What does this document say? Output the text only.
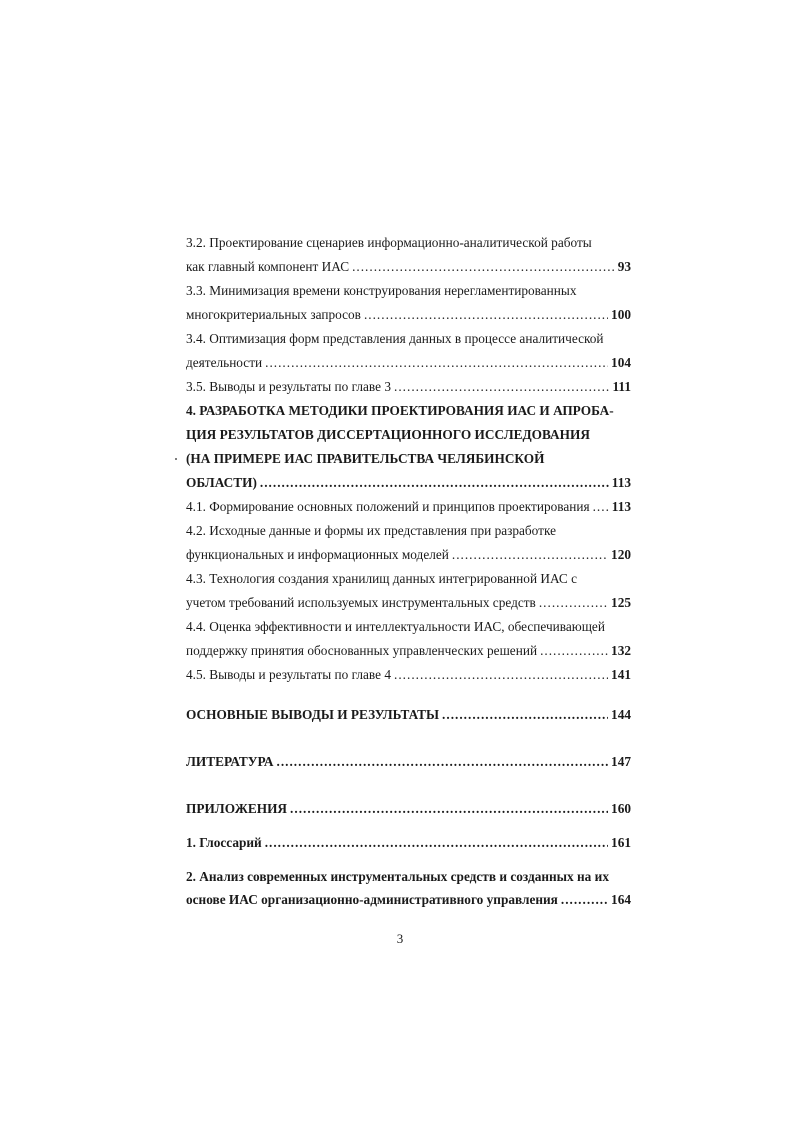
3.2. Проектирование сценариев информационно-аналитической работы
как главный компонент ИАС .....	93
3.3. Минимизация времени конструирования нерегламентированных
многокритериальных запросов .....	100
3.4. Оптимизация форм представления данных в процессе аналитической
деятельности .....	104
3.5. Выводы и результаты по главе 3 .....	111
4. РАЗРАБОТКА МЕТОДИКИ ПРОЕКТИРОВАНИЯ ИАС И АПРОБА-
ЦИЯ РЕЗУЛЬТАТОВ ДИССЕРТАЦИОННОГО ИССЛЕДОВАНИЯ
(НА ПРИМЕРЕ ИАС ПРАВИТЕЛЬСТВА ЧЕЛЯБИНСКОЙ
ОБЛАСТИ) .....	113
4.1. Формирование основных положений и принципов проектирования ..... 113
4.2. Исходные данные и формы их представления при разработке
функциональных и информационных моделей .....	120
4.3. Технология создания хранилищ данных интегрированной ИАС с
учетом требований используемых инструментальных средств .....	125
4.4. Оценка эффективности и интеллектуальности ИАС, обеспечивающей
поддержку принятия обоснованных управленческих решений .....	132
4.5. Выводы и результаты по главе 4 .....	141
ОСНОВНЫЕ ВЫВОДЫ И РЕЗУЛЬТАТЫ .....	144
ЛИТЕРАТУРА .....	147
ПРИЛОЖЕНИЯ .....	160
1. Глоссарий .....	161
2. Анализ современных инструментальных средств и созданных на их
основе ИАС организационно-административного управления .....	164
3
